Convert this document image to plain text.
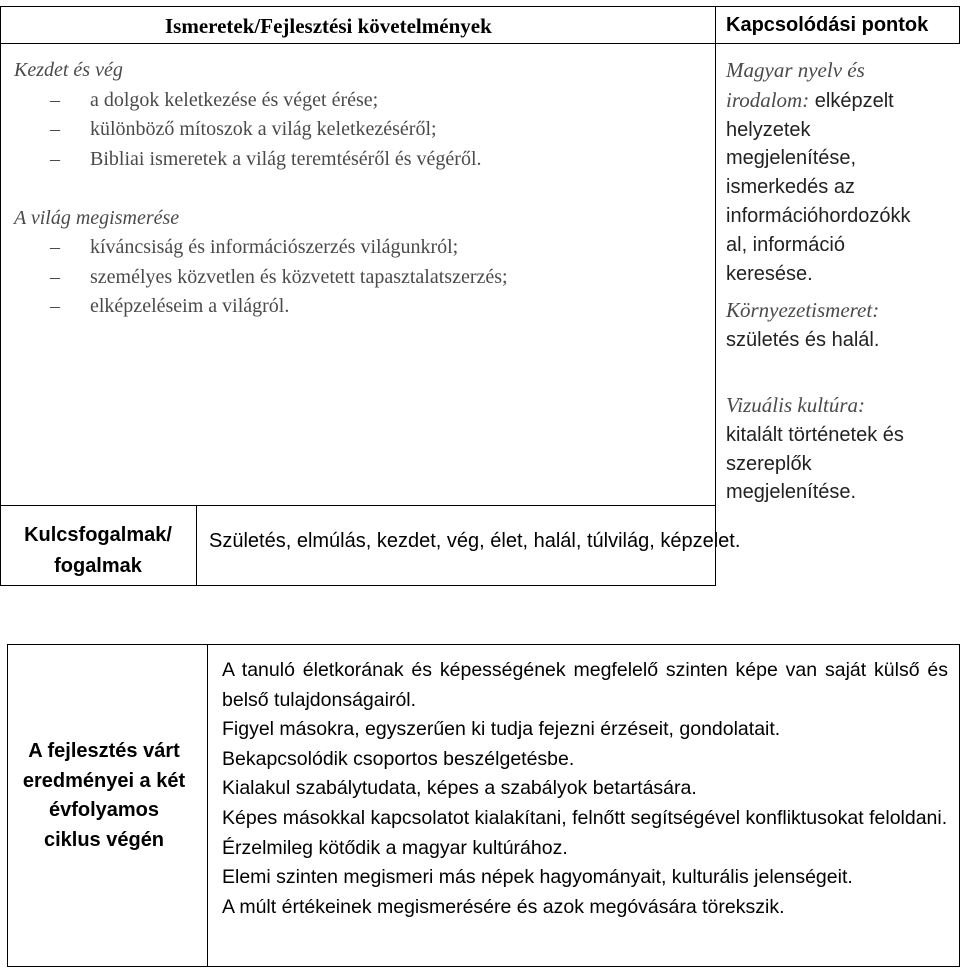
Ismeretek/Fejlesztési követelmények	Kapcsolódási pontok
Kezdet és vég
– a dolgok keletkezése és véget érése;
– különböző mítoszok a világ keletkezéséről;
– Bibliai ismeretek a világ teremtéséről és végéről.
A világ megismerése
– kíváncsiság és információszerzés világunkról;
– személyes közvetlen és közvetett tapasztalatszerzés;
– elképzeléseim a világról.
Magyar nyelv és irodalom: elképzelt
helyzetek
megjelenítése,
ismerkedés az
információhordozókk
al, információ
keresése.
Környezetismeret:
születés és halál.
Vizuális kultúra:
kitalált történetek és
szereplők
megjelenítése.
Kulcsfogalmak/
fogalmak
Születés, elmúlás, kezdet, vég, élet, halál, túlvilág, képzelet.
A fejlesztés várt
eredményei a két
évfolyamos
ciklus végén
A tanuló életkorának és képességének megfelelő szinten képe van saját külső és belső tulajdonságairól.
Figyel másokra, egyszerűen ki tudja fejezni érzéseit, gondolatait.
Bekapcsolódik csoportos beszélgetésbe.
Kialakul szabálytudata, képes a szabályok betartására.
Képes másokkal kapcsolatot kialakítani, felnőtt segítségével konfliktusokat feloldani.
Érzelmileg kötődik a magyar kultúrához.
Elemi szinten megismeri más népek hagyományait, kulturális jelenségeit.
A múlt értékeinek megismerésére és azok megóvására törekszik.
